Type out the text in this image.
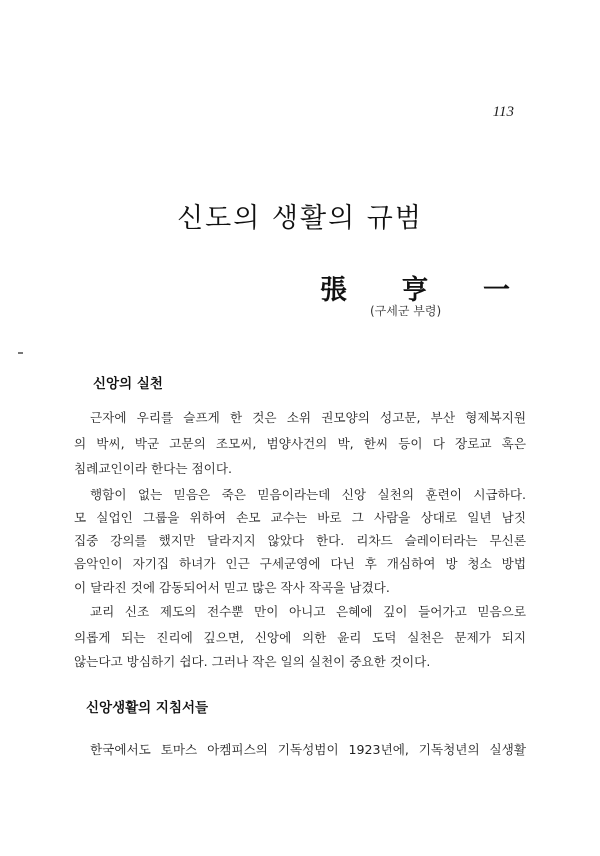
113
신도의 생활의 규범
張 亨 一
(구세군 부령)
신앙의 실천
근자에 우리를 슬프게 한 것은 소위 권모양의 성고문, 부산 형제복지원
의 박씨, 박군 고문의 조모씨, 범양사건의 박, 한씨 등이 다 장로교 혹은
침례교인이라 한다는 점이다.
행함이 없는 믿음은 죽은 믿음이라는데 신앙 실천의 훈련이 시급하다.
모 실업인 그룹을 위하여 손모 교수는 바로 그 사람을 상대로 일년 남짓
집중 강의를 했지만 달라지지 않았다 한다. 리차드 슬레이터라는 무신론
음악인이 자기집 하녀가 인근 구세군영에 다닌 후 개심하여 방 청소 방법
이 달라진 것에 감동되어서 믿고 많은 작사 작곡을 남겼다.
교리 신조 제도의 전수뿐 만이 아니고 은혜에 깊이 들어가고 믿음으로
의롭게 되는 진리에 깊으면, 신앙에 의한 윤리 도덕 실천은 문제가 되지
않는다고 방심하기 쉽다. 그러나 작은 일의 실천이 중요한 것이다.
신앙생활의 지침서들
한국에서도 토마스 아켐피스의 기독성범이 1923년에, 기독청년의 실생활
